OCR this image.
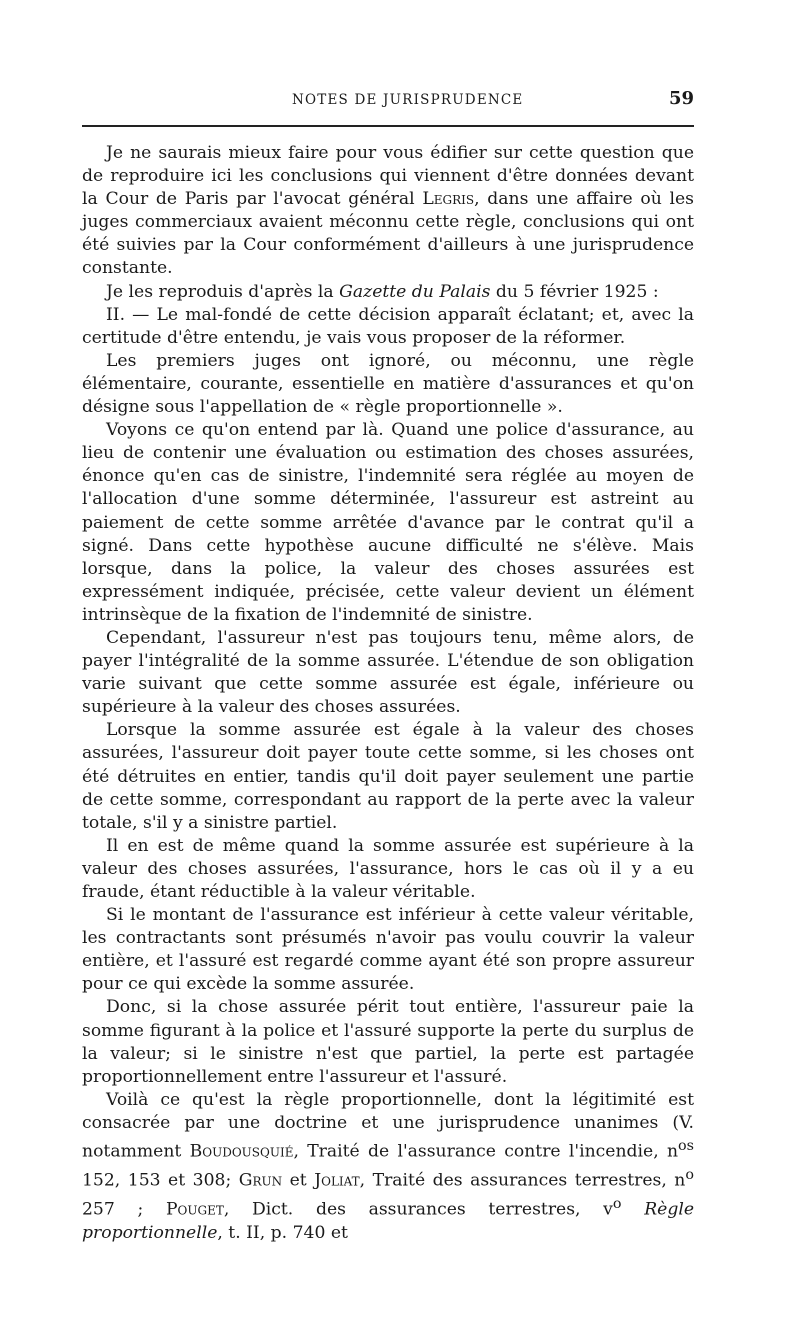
NOTES DE JURISPRUDENCE	59

Je ne saurais mieux faire pour vous édifier sur cette question que de reproduire ici les conclusions qui viennent d'être données devant la Cour de Paris par l'avocat général Legris, dans une affaire où les juges commerciaux avaient méconnu cette règle, conclusions qui ont été suivies par la Cour conformément d'ailleurs à une jurisprudence constante.

Je les reproduis d'après la Gazette du Palais du 5 février 1925 :

II. — Le mal-fondé de cette décision apparaît éclatant; et, avec la certitude d'être entendu, je vais vous proposer de la réformer.

Les premiers juges ont ignoré, ou méconnu, une règle élémentaire, courante, essentielle en matière d'assurances et qu'on désigne sous l'appellation de « règle proportionnelle ».

Voyons ce qu'on entend par là. Quand une police d'assurance, au lieu de contenir une évaluation ou estimation des choses assurées, énonce qu'en cas de sinistre, l'indemnité sera réglée au moyen de l'allocation d'une somme déterminée, l'assureur est astreint au paiement de cette somme arrêtée d'avance par le contrat qu'il a signé. Dans cette hypothèse aucune difficulté ne s'élève. Mais lorsque, dans la police, la valeur des choses assurées est expressément indiquée, précisée, cette valeur devient un élément intrinsèque de la fixation de l'indemnité de sinistre.

Cependant, l'assureur n'est pas toujours tenu, même alors, de payer l'intégralité de la somme assurée. L'étendue de son obligation varie suivant que cette somme assurée est égale, inférieure ou supérieure à la valeur des choses assurées.

Lorsque la somme assurée est égale à la valeur des choses assurées, l'assureur doit payer toute cette somme, si les choses ont été détruites en entier, tandis qu'il doit payer seulement une partie de cette somme, correspondant au rapport de la perte avec la valeur totale, s'il y a sinistre partiel.

Il en est de même quand la somme assurée est supérieure à la valeur des choses assurées, l'assurance, hors le cas où il y a eu fraude, étant réductible à la valeur véritable.

Si le montant de l'assurance est inférieur à cette valeur véritable, les contractants sont présumés n'avoir pas voulu couvrir la valeur entière, et l'assuré est regardé comme ayant été son propre assureur pour ce qui excède la somme assurée.

Donc, si la chose assurée périt tout entière, l'assureur paie la somme figurant à la police et l'assuré supporte la perte du surplus de la valeur; si le sinistre n'est que partiel, la perte est partagée proportionnellement entre l'assureur et l'assuré.

Voilà ce qu'est la règle proportionnelle, dont la légitimité est consacrée par une doctrine et une jurisprudence unanimes (V. notamment Boudousquié, Traité de l'assurance contre l'incendie, $n^{os}$ 152, 153 et 308; Grun et Joliat, Traité des assurances terrestres, $n^o$ 257 ; Pouget, Dict. des assurances terrestres, $v^o$ Règle proportionnelle, t. II, p. 740 et
